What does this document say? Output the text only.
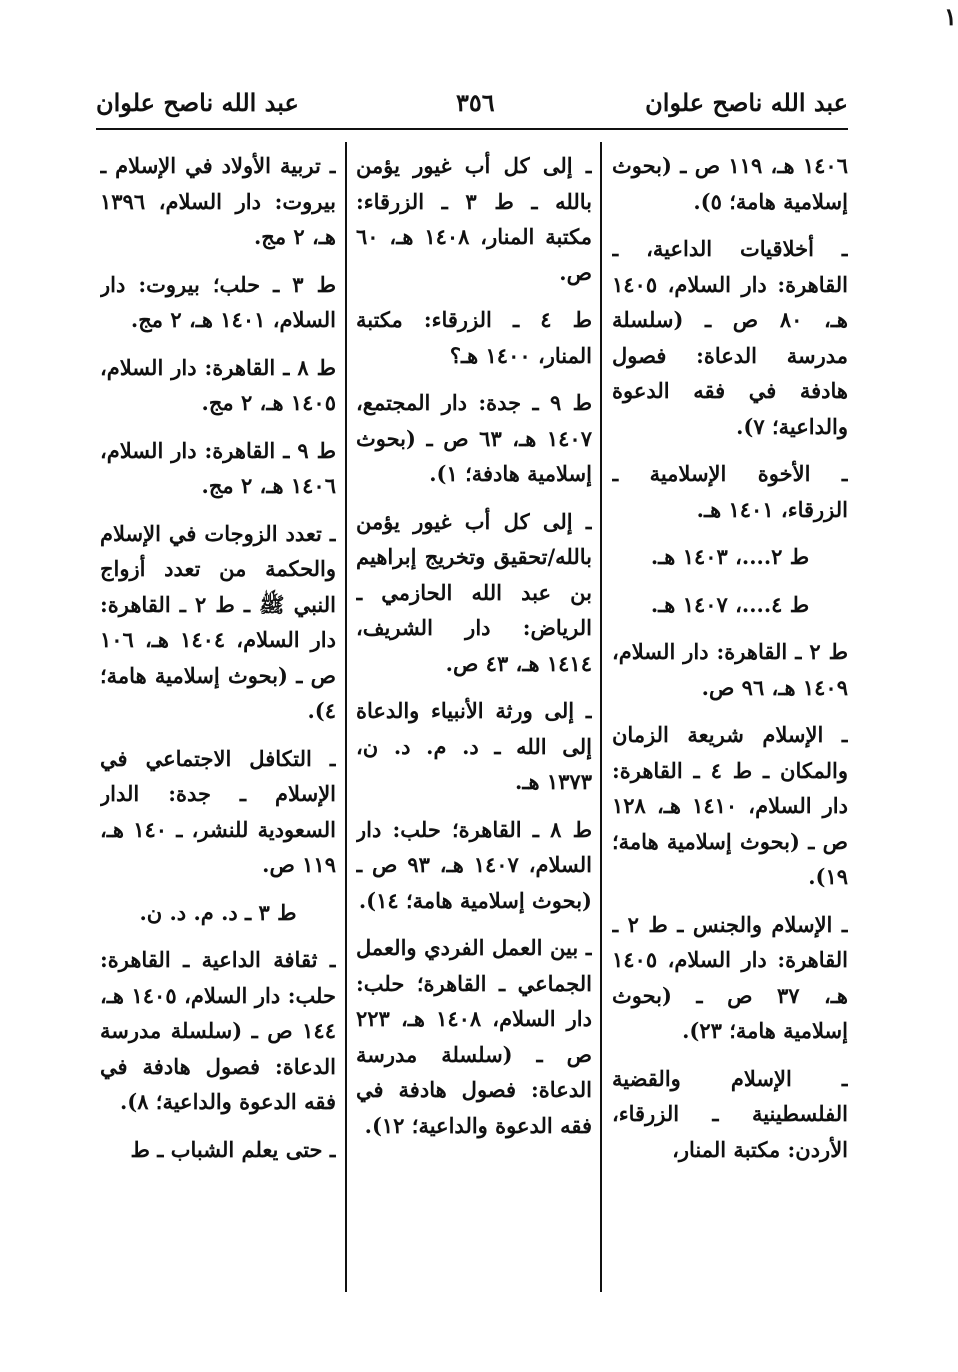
١
عبد الله ناصح علوان
٣٥٦
عبد الله ناصح علوان

١٤٠٦ هـ، ١١٩ ص ـ (بحوث إسلامية هامة؛ ٥).

ـ أخلاقيات الداعية، ـ القاهرة: دار السلام، ١٤٠٥ هـ، ٨٠ ص ـ (سلسلة مدرسة الدعاة: فصول هادفة في فقه الدعوة والداعية؛ ٧).

ـ الأخوة الإسلامية ـ الزرقاء، ١٤٠١ هـ.

ط ٢....، ١٤٠٣ هـ.

ط ٤....، ١٤٠٧ هـ.

ط ٢ ـ القاهرة: دار السلام، ١٤٠٩ هـ، ٩٦ ص.

ـ الإسلام شريعة الزمان والمكان ـ ط ٤ ـ القاهرة: دار السلام، ١٤١٠ هـ، ١٢٨ ص ـ (بحوث إسلامية هامة؛ ١٩).

ـ الإسلام والجنس ـ ط ٢ ـ القاهرة: دار السلام، ١٤٠٥ هـ، ٣٧ ص ـ (بحوث إسلامية هامة؛ ٢٣).

ـ الإسلام والقضية الفلسطينية ـ الزرقاء، الأردن: مكتبة المنار،

ـ إلى كل أب غيور يؤمن بالله ـ ط ٣ ـ الزرقاء: مكتبة المنار، ١٤٠٨ هـ، ٦٠ ص.

ط ٤ ـ الزرقاء: مكتبة المنار، ١٤٠٠ هـ؟

ط ٩ ـ جدة: دار المجتمع، ١٤٠٧ هـ، ٦٣ ص ـ (بحوث إسلامية هادفة؛ ١).

ـ إلى كل أب غيور يؤمن بالله/تحقيق وتخريج إبراهيم بن عبد الله الحازمي ـ الرياض: دار الشريف، ١٤١٤ هـ، ٤٣ ص.

ـ إلى ورثة الأنبياء والدعاة إلى الله ـ د. م. د. ن، ١٣٧٣ هـ.

ط ٨ ـ القاهرة؛ حلب: دار السلام، ١٤٠٧ هـ، ٩٣ ص ـ (بحوث إسلامية هامة؛ ١٤).

ـ بين العمل الفردي والعمل الجماعي ـ القاهرة؛ حلب: دار السلام، ١٤٠٨ هـ، ٢٢٣ ص ـ (سلسلة مدرسة الدعاة: فصول هادفة في فقه الدعوة والداعية؛ ١٢).

ـ تربية الأولاد في الإسلام ـ بيروت: دار السلام، ١٣٩٦ هـ، ٢ مج.

ط ٣ ـ حلب؛ بيروت: دار السلام، ١٤٠١ هـ، ٢ مج.

ط ٨ ـ القاهرة: دار السلام، ١٤٠٥ هـ، ٢ مج.

ط ٩ ـ القاهرة: دار السلام، ١٤٠٦ هـ، ٢ مج.

ـ تعدد الزوجات في الإسلام والحكمة من تعدد أزواج النبي ﷺ ـ ط ٢ ـ القاهرة: دار السلام، ١٤٠٤ هـ، ١٠٦ ص ـ (بحوث إسلامية هامة؛ ٤).

ـ التكافل الاجتماعي في الإسلام ـ جدة: الدار السعودية للنشر، ـ ١٤٠ هـ، ١١٩ ص.

ط ٣ ـ د. م. د. ن.

ـ ثقافة الداعية ـ القاهرة: حلب: دار السلام، ١٤٠٥ هـ، ١٤٤ ص ـ (سلسلة مدرسة الدعاة: فصول هادفة في فقه الدعوة والداعية؛ ٨).

ـ حتى يعلم الشباب ـ ط
